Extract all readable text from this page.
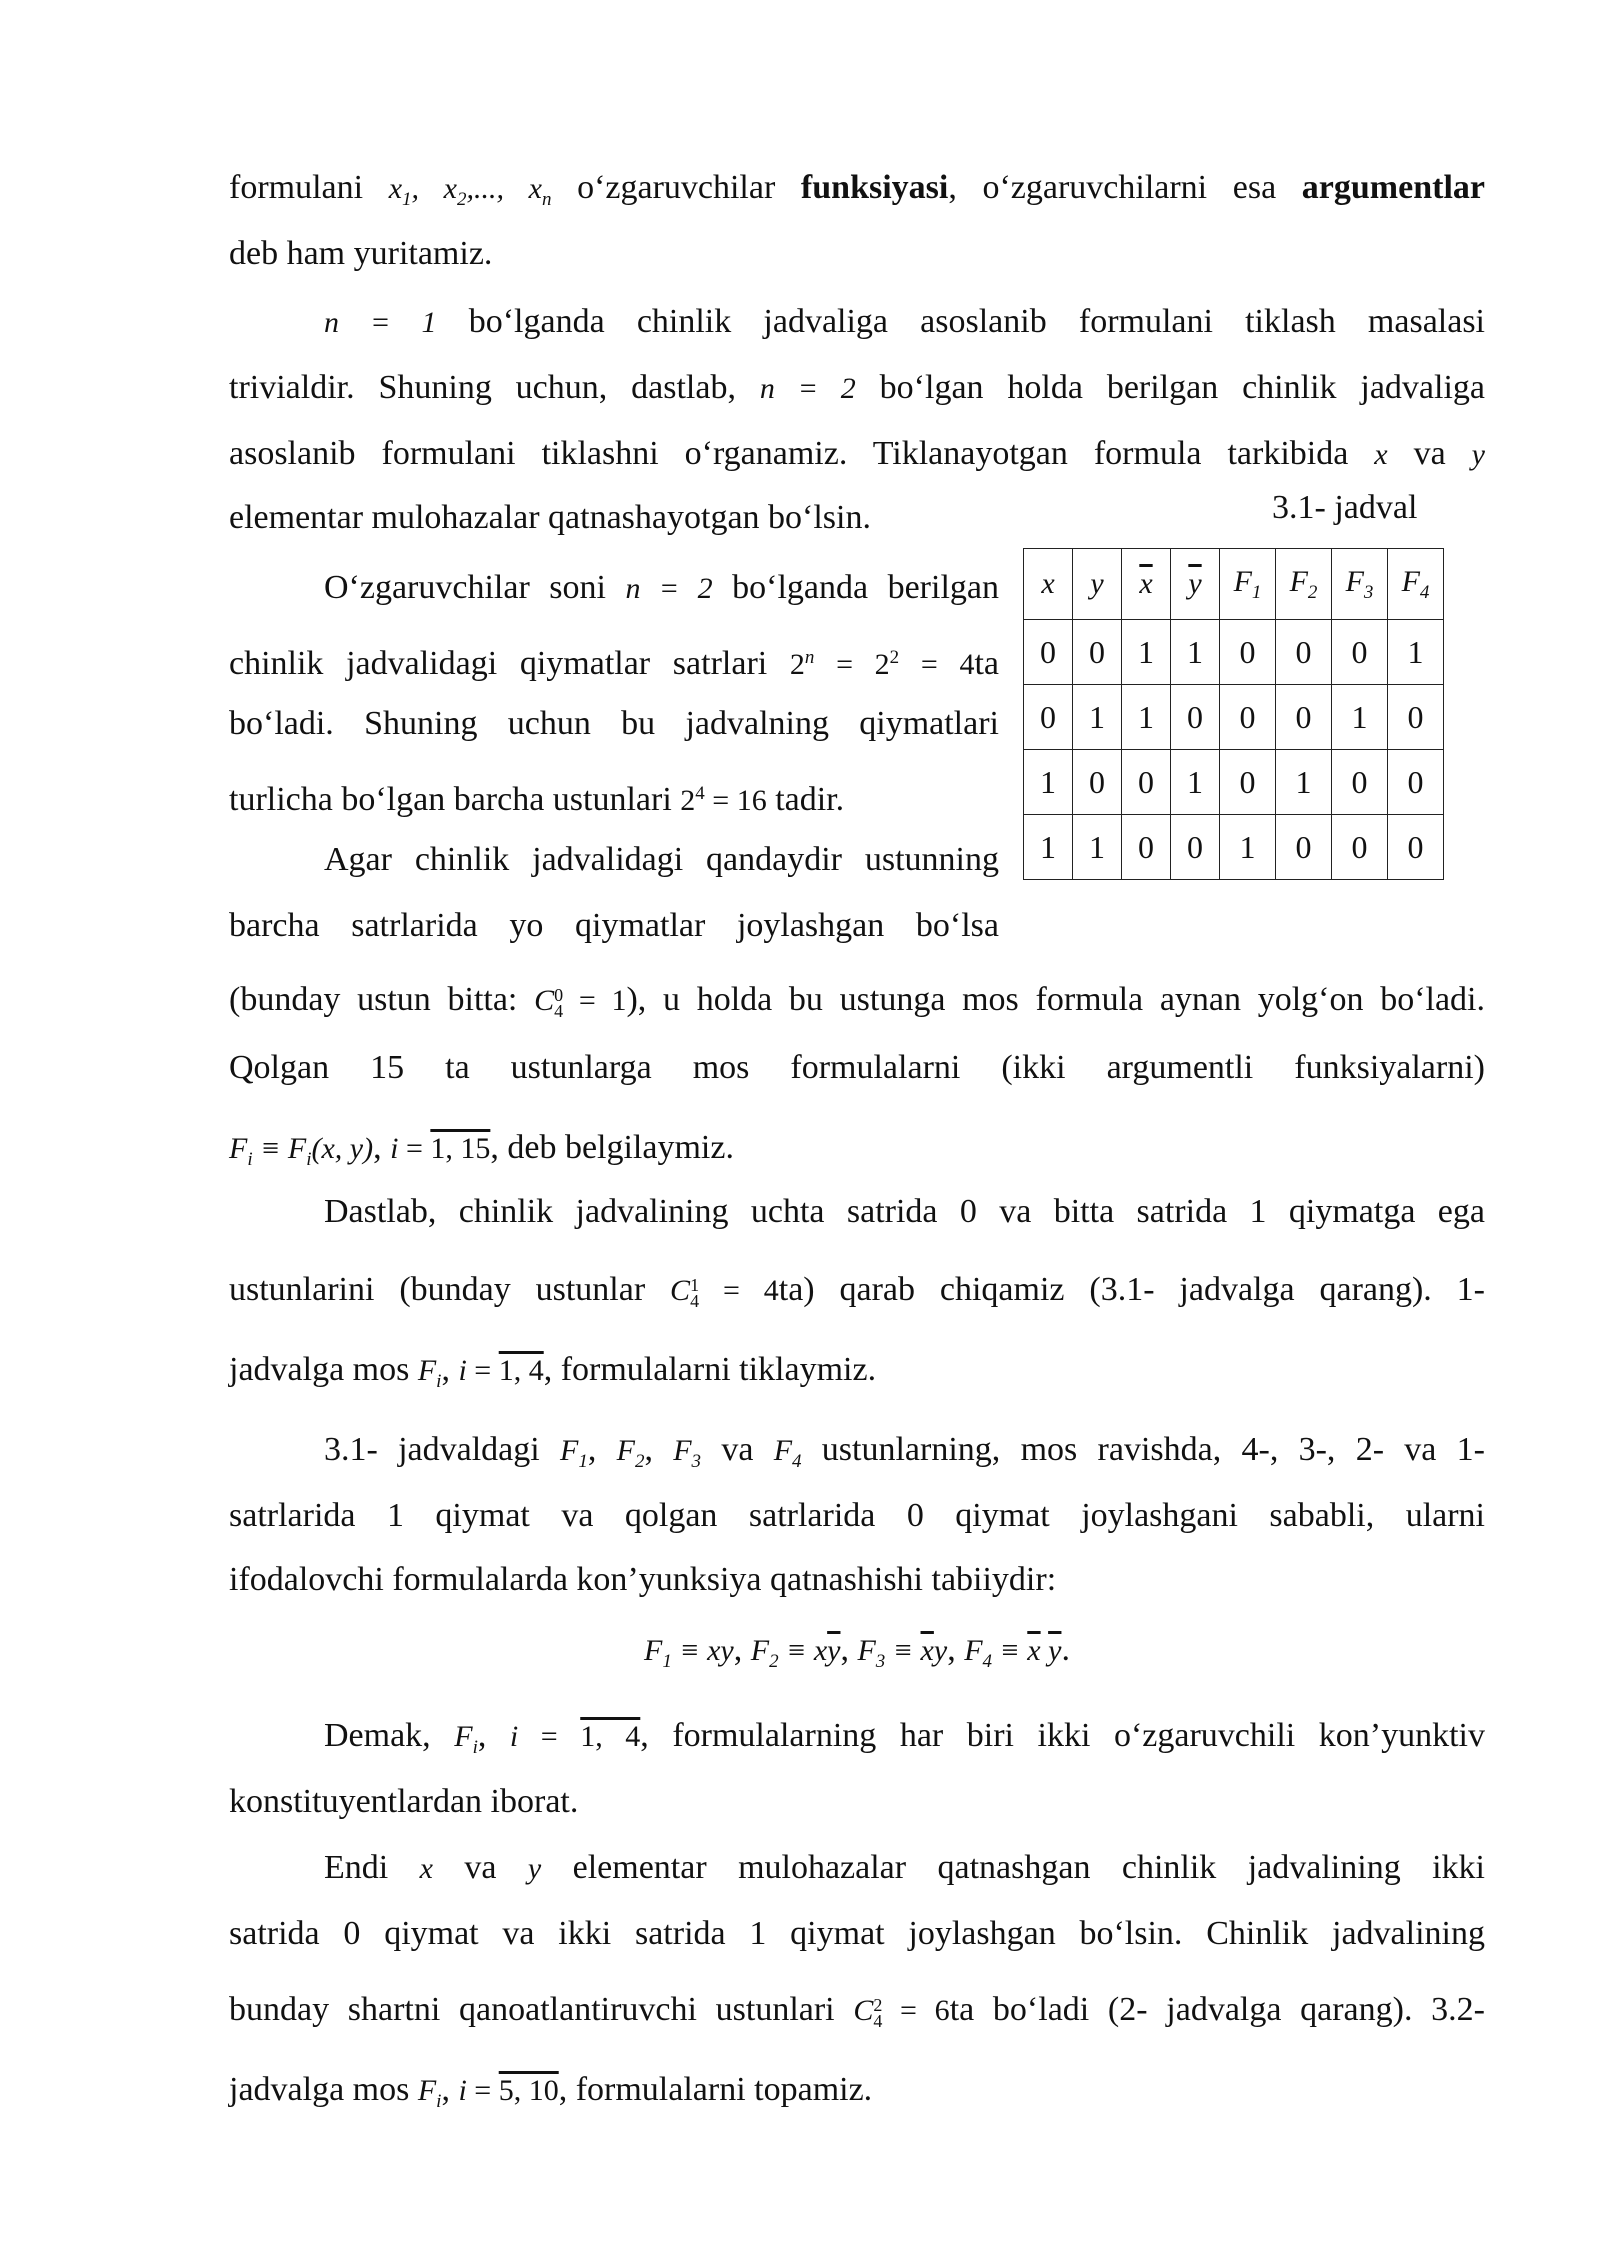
formulani $x_1$, $x_2$,..., $x_n$ o‘zgaruvchilar funksiyasi, o‘zgaruvchilarni esa argumentlar
deb ham yuritamiz.
n = 1 bo‘lganda chinlik jadvaliga asoslanib formulani tiklash masalasi
trivialdir. Shuning uchun, dastlab, n = 2 bo‘lgan holda berilgan chinlik jadvaliga
asoslanib formulani tiklashni o‘rganamiz. Tiklanayotgan formula tarkibida x va y
elementar mulohazalar qatnashayotgan bo‘lsin.	3.1- jadval
x	y	$\overline{x}$	$\overline{y}$	$F_1$	$F_2$	$F_3$	$F_4$
0	0	1	1	0	0	0	1
0	1	1	0	0	0	1	0
1	0	0	1	0	1	0	0
1	1	0	0	1	0	0	0
O‘zgaruvchilar soni n = 2 bo‘lganda berilgan
chinlik jadvalidagi qiymatlar satrlari $2^n = 2^2 = 4ta$
bo‘ladi. Shuning uchun bu jadvalning qiymatlari
turlicha bo‘lgan barcha ustunlari $2^4 = 16$ tadir.
Agar chinlik jadvalidagi qandaydir ustunning
barcha satrlarida yo qiymatlar joylashgan bo‘lsa
(bunday ustun bitta: C 0
4 = 1), u holda bu ustunga mos formula aynan yolg‘on bo‘ladi.
Qolgan 15 ta ustunlarga mos formulalarni (ikki argumentli funksiyalarni)
$F_i \equiv F_i(x$, y), i = 1, 15, deb belgilaymiz.
Dastlab, chinlik jadvalining uchta satrida 0 va bitta satrida 1 qiymatga ega
ustunlarini (bunday ustunlar C 1
4 = 4ta) qarab chiqamiz (3.1- jadvalga qarang). 1-
jadvalga mos $F_i$, i = 1, 4, formulalarni tiklaymiz.
3.1- jadvaldagi $F_1$, $F_2$, $F_3$ va $F_4$ ustunlarning, mos ravishda, 4-, 3-, 2- va 1-
satrlarida 1 qiymat va qolgan satrlarida 0 qiymat joylashgani sababli, ularni
ifodalovchi formulalarda kon’yunksiya qatnashishi tabiiydir:
$F_1$ ≡ xy, $F_2 \equiv x\overline{y}$, $F_3 \equiv \overline{x}y$, $F_4 \equiv \overline{x}$ $\overline{y}$.
Demak, $F_i$, i = 1, 4, formulalarning har biri ikki o‘zgaruvchili kon’yunktiv
konstituyentlardan iborat.
Endi x va y elementar mulohazalar qatnashgan chinlik jadvalining ikki
satrida 0 qiymat va ikki satrida 1 qiymat joylashgan bo‘lsin. Chinlik jadvalining
bunday shartni qanoatlantiruvchi ustunlari C 2
4 = 6ta bo‘ladi (2- jadvalga qarang). 3.2-
jadvalga mos $F_i$, i = 5, 10, formulalarni topamiz.
